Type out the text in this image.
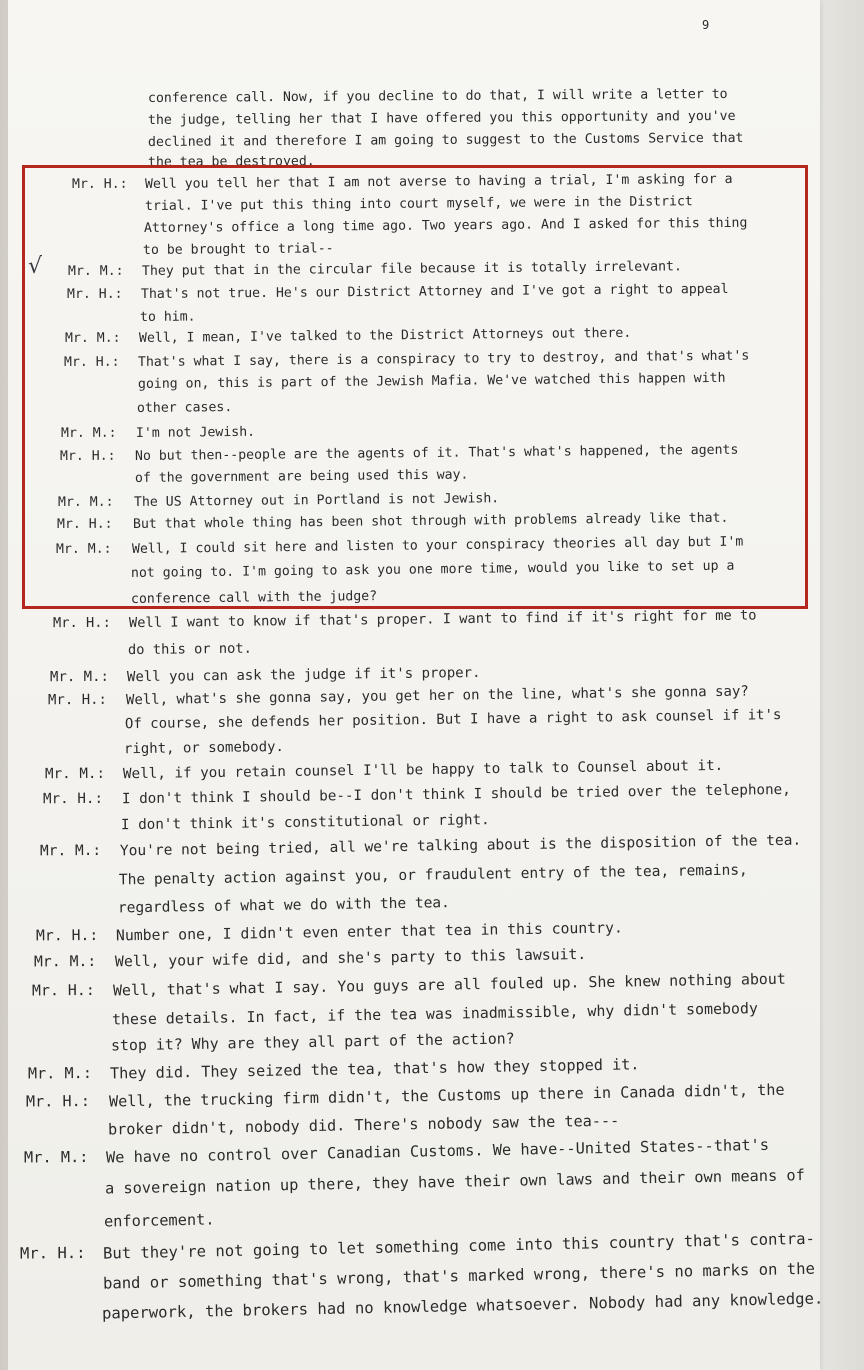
9
conference call. Now, if you decline to do that, I will write a letter to
the judge, telling her that I have offered you this opportunity and you've
declined it and therefore I am going to suggest to the Customs Service that
the tea be destroyed.
Mr. H.: Well you tell her that I am not averse to having a trial, I'm asking for a
trial. I've put this thing into court myself, we were in the District
Attorney's office a long time ago. Two years ago. And I asked for this thing
to be brought to trial--
Mr. M.: They put that in the circular file because it is totally irrelevant.
Mr. H.: That's not true. He's our District Attorney and I've got a right to appeal
to him.
Mr. M.: Well, I mean, I've talked to the District Attorneys out there.
Mr. H.: That's what I say, there is a conspiracy to try to destroy, and that's what's
going on, this is part of the Jewish Mafia. We've watched this happen with
other cases.
Mr. M.: I'm not Jewish.
Mr. H.: No but then--people are the agents of it. That's what's happened, the agents
of the government are being used this way.
Mr. M.: The US Attorney out in Portland is not Jewish.
Mr. H.: But that whole thing has been shot through with problems already like that.
Mr. M.: Well, I could sit here and listen to your conspiracy theories all day but I'm
not going to. I'm going to ask you one more time, would you like to set up a
conference call with the judge?
Mr. H.: Well I want to know if that's proper. I want to find if it's right for me to
do this or not.
Mr. M.: Well you can ask the judge if it's proper.
Mr. H.: Well, what's she gonna say, you get her on the line, what's she gonna say?
Of course, she defends her position. But I have a right to ask counsel if it's
right, or somebody.
Mr. M.: Well, if you retain counsel I'll be happy to talk to Counsel about it.
Mr. H.: I don't think I should be--I don't think I should be tried over the telephone,
I don't think it's constitutional or right.
Mr. M.: You're not being tried, all we're talking about is the disposition of the tea.
The penalty action against you, or fraudulent entry of the tea, remains,
regardless of what we do with the tea.
Mr. H.: Number one, I didn't even enter that tea in this country.
Mr. M.: Well, your wife did, and she's party to this lawsuit.
Mr. H.: Well, that's what I say. You guys are all fouled up. She knew nothing about
these details. In fact, if the tea was inadmissible, why didn't somebody
stop it? Why are they all part of the action?
Mr. M.: They did. They seized the tea, that's how they stopped it.
Mr. H.: Well, the trucking firm didn't, the Customs up there in Canada didn't, the
broker didn't, nobody did. There's nobody saw the tea---
Mr. M.: We have no control over Canadian Customs. We have--United States--that's
a sovereign nation up there, they have their own laws and their own means of
enforcement.
Mr. H.: But they're not going to let something come into this country that's contra-
band or something that's wrong, that's marked wrong, there's no marks on the
paperwork, the brokers had no knowledge whatsoever. Nobody had any knowledge.
√
